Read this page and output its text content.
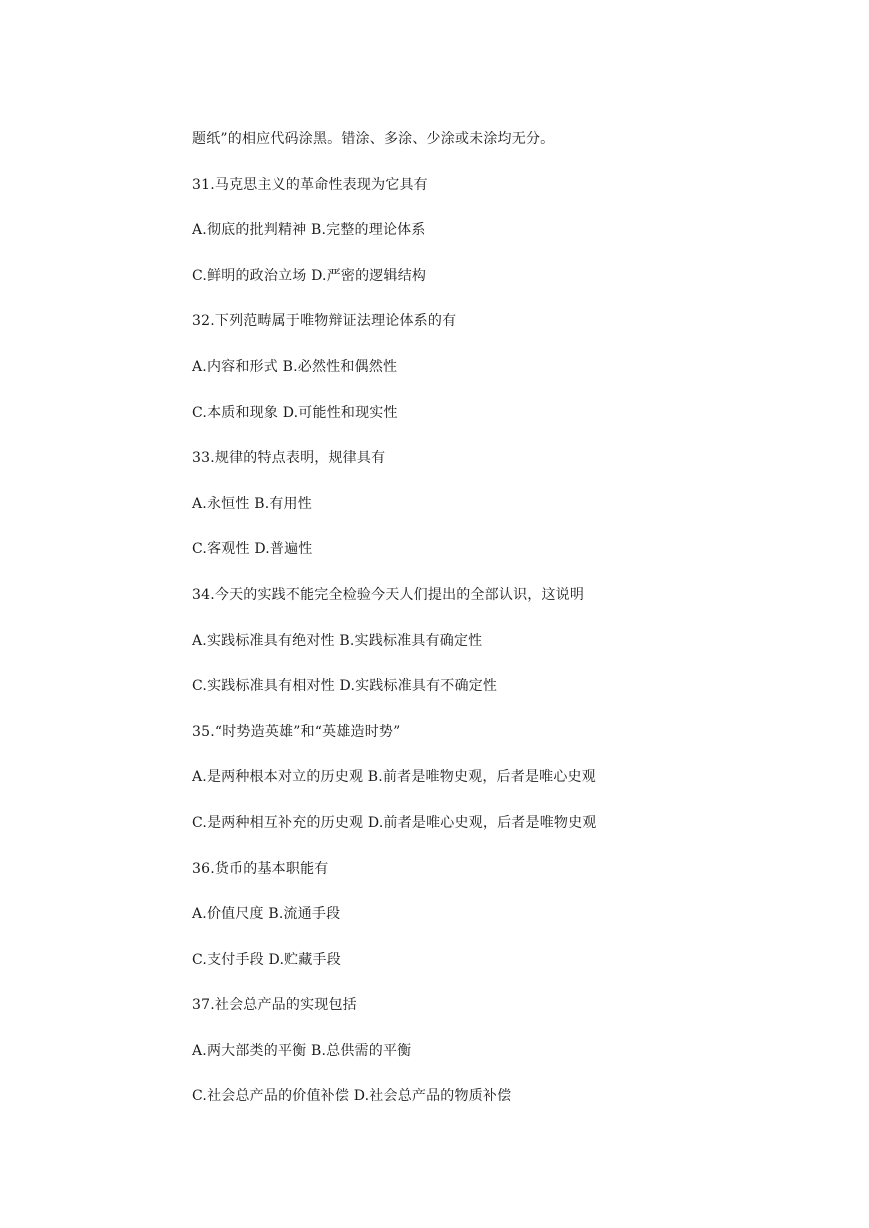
题纸”的相应代码涂黑。错涂、多涂、少涂或未涂均无分。
31.马克思主义的革命性表现为它具有
A.彻底的批判精神 B.完整的理论体系
C.鲜明的政治立场 D.严密的逻辑结构
32.下列范畴属于唯物辩证法理论体系的有
A.内容和形式 B.必然性和偶然性
C.本质和现象 D.可能性和现实性
33.规律的特点表明，规律具有
A.永恒性 B.有用性
C.客观性 D.普遍性
34.今天的实践不能完全检验今天人们提出的全部认识，这说明
A.实践标准具有绝对性 B.实践标准具有确定性
C.实践标准具有相对性 D.实践标准具有不确定性
35.“时势造英雄”和“英雄造时势”
A.是两种根本对立的历史观 B.前者是唯物史观，后者是唯心史观
C.是两种相互补充的历史观 D.前者是唯心史观，后者是唯物史观
36.货币的基本职能有
A.价值尺度 B.流通手段
C.支付手段 D.贮藏手段
37.社会总产品的实现包括
A.两大部类的平衡 B.总供需的平衡
C.社会总产品的价值补偿 D.社会总产品的物质补偿
